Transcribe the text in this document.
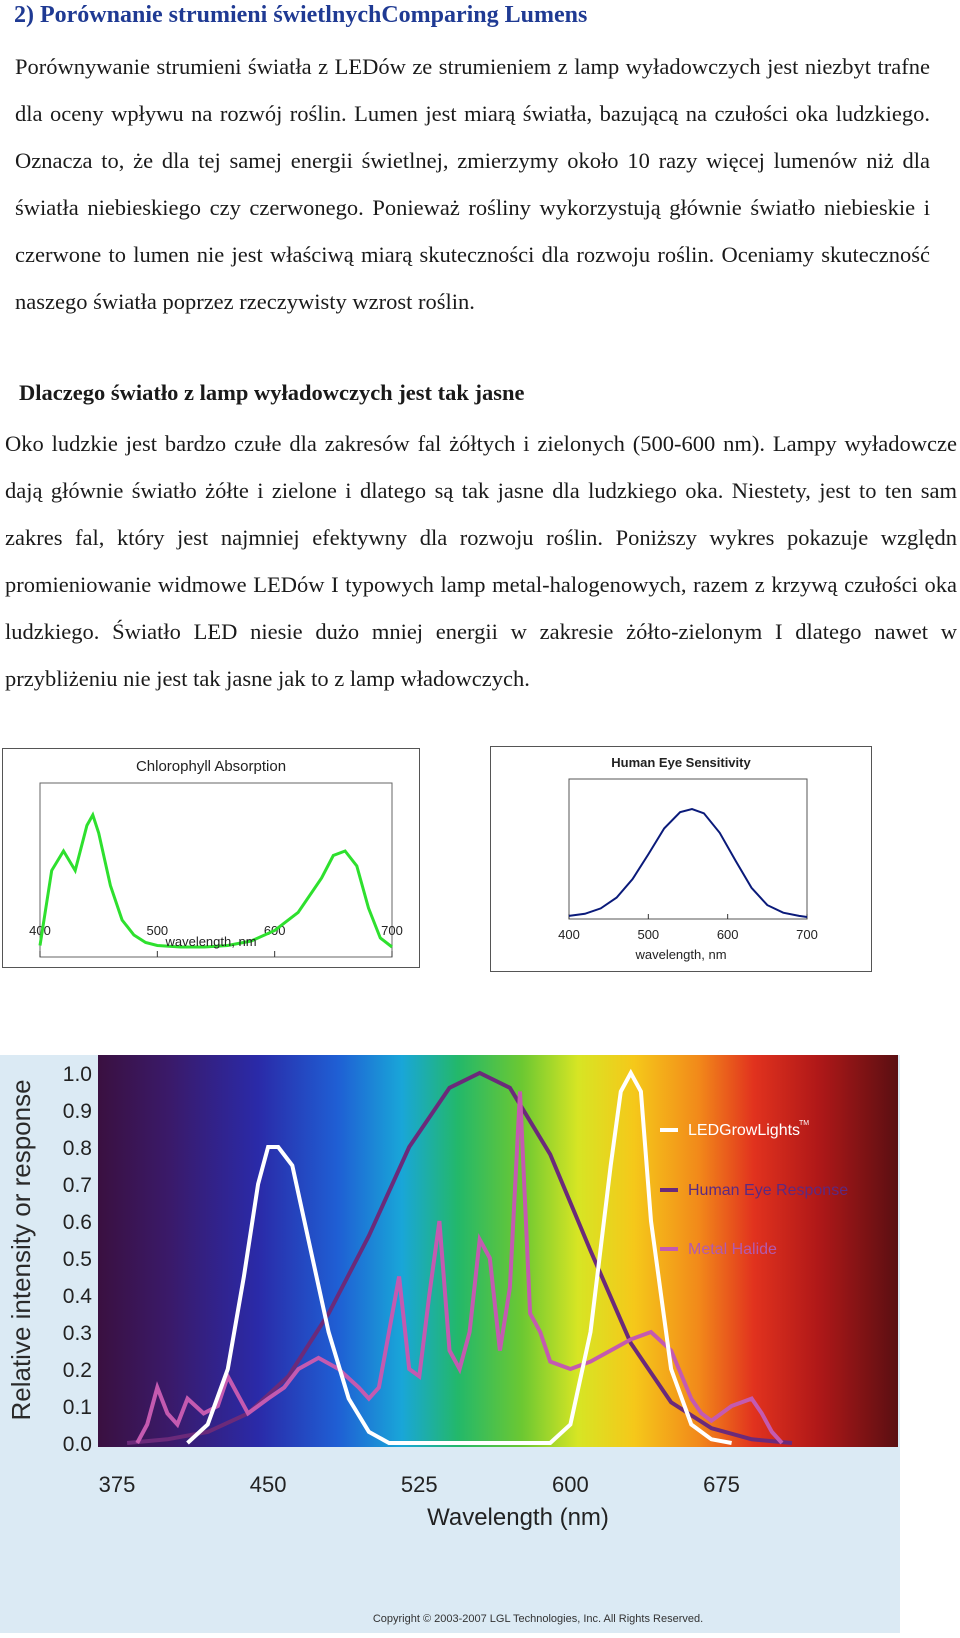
2) Porównanie strumieni świetlnychComparing Lumens

Porównywanie strumieni światła z LEDów ze strumieniem z lamp wyładowczych jest niezbyt trafne dla oceny wpływu na rozwój roślin. Lumen jest miarą światła, bazującą na czułości oka ludzkiego. Oznacza to, że dla tej samej energii świetlnej, zmierzymy około 10 razy więcej lumenów niż dla światła niebieskiego czy czerwonego. Ponieważ rośliny wykorzystują głównie światło niebieskie i czerwone to lumen nie jest właściwą miarą skuteczności dla rozwoju roślin. Oceniamy skuteczność naszego światła poprzez rzeczywisty wzrost roślin.

Dlaczego światło z lamp wyładowczych jest tak jasne

Oko ludzkie jest bardzo czułe dla zakresów fal żółtych i zielonych (500-600 nm). Lampy wyładowcze dają głównie światło żółte i zielone i dlatego są tak jasne dla ludzkiego oka. Niestety, jest to ten sam zakres fal, który jest najmniej efektywny dla rozwoju roślin. Poniższy wykres pokazuje względn promieniowanie widmowe LEDów I typowych lamp metal-halogenowych, razem z krzywą czułości oka ludzkiego. Światło LED niesie dużo mniej energii w zakresie żółto-zielonym I dlatego nawet w przybliżeniu nie jest tak jasne jak to z lamp władowczych.

Chlorophyll Absorption
400	500	600	700
wavelength, nm
Human Eye Sensitivity
400	500	600	700
wavelength, nm
0.0
0.1
0.2
0.3
0.4
0.5
0.6
0.7
0.8
0.9
1.0
375	450	525	600	675
Relative intensity or response
Wavelength (nm)
LEDGrowLights
TM
Human Eye Response
Metal Halide
Copyright © 2003-2007 LGL Technologies, Inc. All Rights Reserved.
